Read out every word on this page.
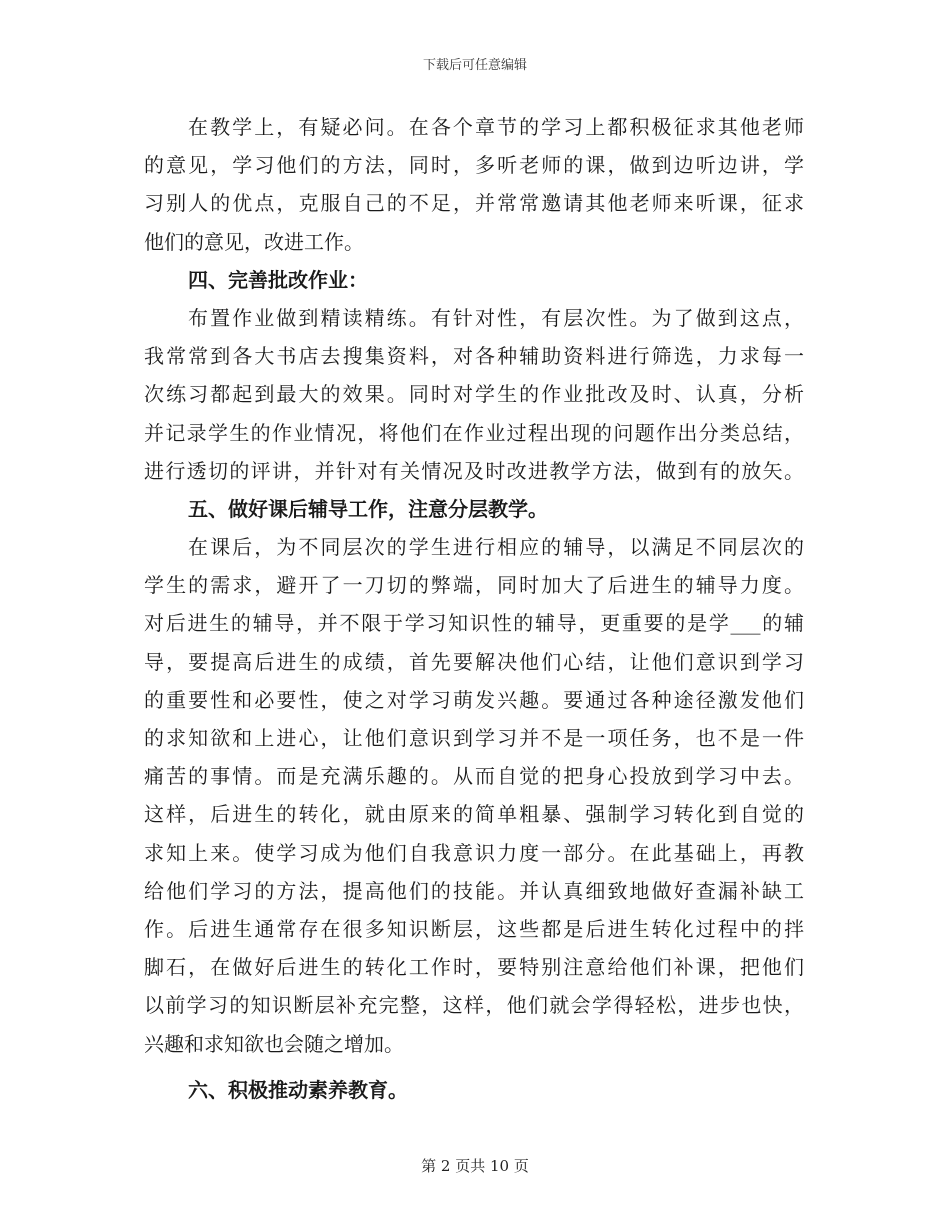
下载后可任意编辑
在教学上，有疑必问。在各个章节的学习上都积极征求其他老师
的意见，学习他们的方法，同时，多听老师的课，做到边听边讲，学
习别人的优点，克服自己的不足，并常常邀请其他老师来听课，征求
他们的意见，改进工作。
四、完善批改作业：
布置作业做到精读精练。有针对性，有层次性。为了做到这点，
我常常到各大书店去搜集资料，对各种辅助资料进行筛选，力求每一
次练习都起到最大的效果。同时对学生的作业批改及时、认真，分析
并记录学生的作业情况，将他们在作业过程出现的问题作出分类总结，
进行透切的评讲，并针对有关情况及时改进教学方法，做到有的放矢。
五、做好课后辅导工作，注意分层教学。
在课后，为不同层次的学生进行相应的辅导，以满足不同层次的
学生的需求，避开了一刀切的弊端，同时加大了后进生的辅导力度。
对后进生的辅导，并不限于学习知识性的辅导，更重要的是学___的辅
导，要提高后进生的成绩，首先要解决他们心结，让他们意识到学习
的重要性和必要性，使之对学习萌发兴趣。要通过各种途径激发他们
的求知欲和上进心，让他们意识到学习并不是一项任务，也不是一件
痛苦的事情。而是充满乐趣的。从而自觉的把身心投放到学习中去。
这样，后进生的转化，就由原来的简单粗暴、强制学习转化到自觉的
求知上来。使学习成为他们自我意识力度一部分。在此基础上，再教
给他们学习的方法，提高他们的技能。并认真细致地做好查漏补缺工
作。后进生通常存在很多知识断层，这些都是后进生转化过程中的拌
脚石，在做好后进生的转化工作时，要特别注意给他们补课，把他们
以前学习的知识断层补充完整，这样，他们就会学得轻松，进步也快，
兴趣和求知欲也会随之增加。
六、积极推动素养教育。
第 2 页共 10 页
